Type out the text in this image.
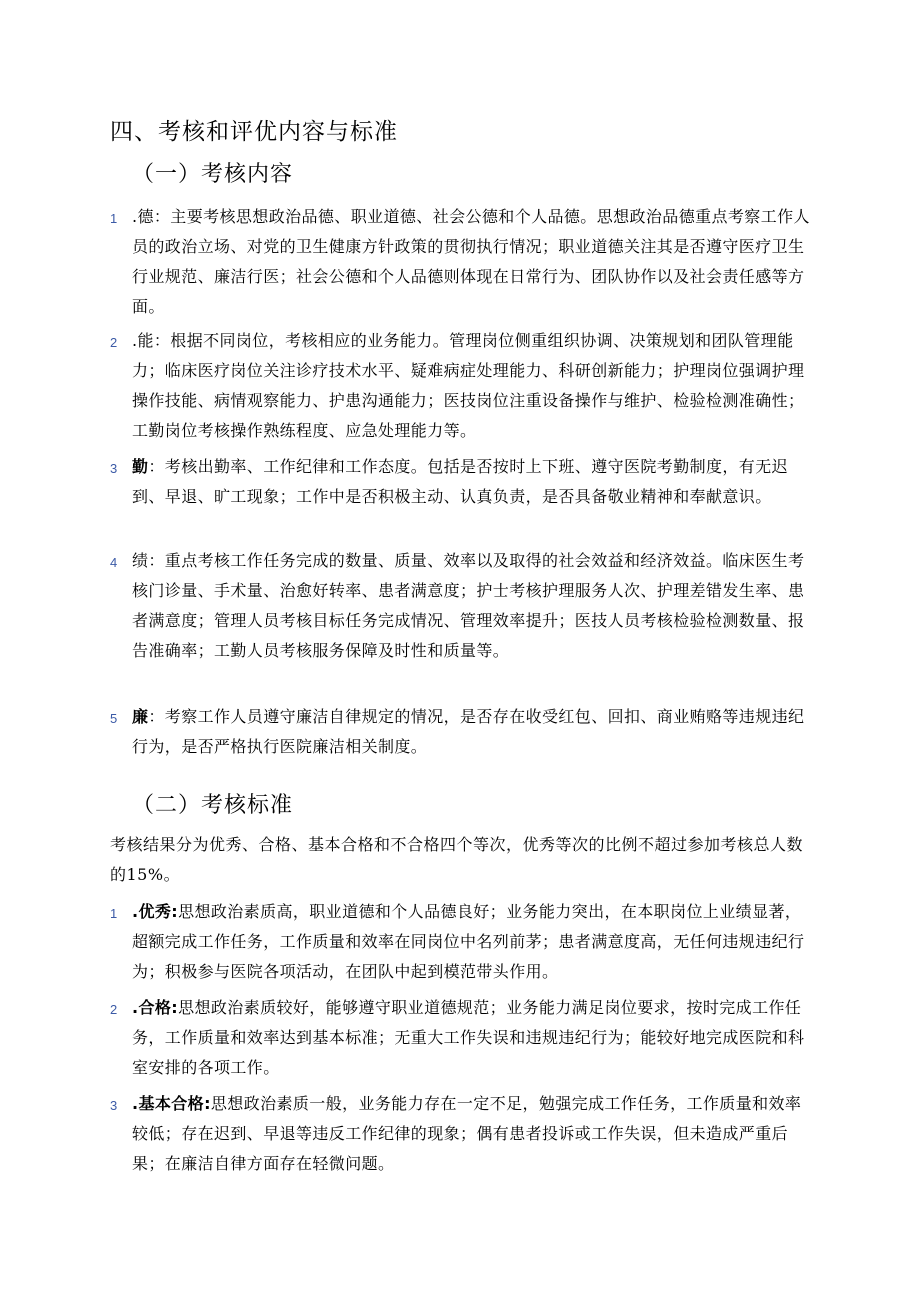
四、考核和评优内容与标准
（一）考核内容
1 .德：主要考核思想政治品德、职业道德、社会公德和个人品德。思想政治品德重点考察工作人员的政治立场、对党的卫生健康方针政策的贯彻执行情况；职业道德关注其是否遵守医疗卫生行业规范、廉洁行医；社会公德和个人品德则体现在日常行为、团队协作以及社会责任感等方面。
2 .能：根据不同岗位，考核相应的业务能力。管理岗位侧重组织协调、决策规划和团队管理能力；临床医疗岗位关注诊疗技术水平、疑难病症处理能力、科研创新能力；护理岗位强调护理操作技能、病情观察能力、护患沟通能力；医技岗位注重设备操作与维护、检验检测准确性；工勤岗位考核操作熟练程度、应急处理能力等。
3 勤：考核出勤率、工作纪律和工作态度。包括是否按时上下班、遵守医院考勤制度，有无迟到、早退、旷工现象；工作中是否积极主动、认真负责，是否具备敬业精神和奉献意识。
4 绩：重点考核工作任务完成的数量、质量、效率以及取得的社会效益和经济效益。临床医生考核门诊量、手术量、治愈好转率、患者满意度；护士考核护理服务人次、护理差错发生率、患者满意度；管理人员考核目标任务完成情况、管理效率提升；医技人员考核检验检测数量、报告准确率；工勤人员考核服务保障及时性和质量等。
5 廉：考察工作人员遵守廉洁自律规定的情况，是否存在收受红包、回扣、商业贿赂等违规违纪行为，是否严格执行医院廉洁相关制度。
（二）考核标准
考核结果分为优秀、合格、基本合格和不合格四个等次，优秀等次的比例不超过参加考核总人数的15%。
1 .优秀:思想政治素质高，职业道德和个人品德良好；业务能力突出，在本职岗位上业绩显著，超额完成工作任务，工作质量和效率在同岗位中名列前茅；患者满意度高，无任何违规违纪行为；积极参与医院各项活动，在团队中起到模范带头作用。
2 .合格:思想政治素质较好，能够遵守职业道德规范；业务能力满足岗位要求，按时完成工作任务，工作质量和效率达到基本标准；无重大工作失误和违规违纪行为；能较好地完成医院和科室安排的各项工作。
3 .基本合格:思想政治素质一般，业务能力存在一定不足，勉强完成工作任务，工作质量和效率较低；存在迟到、早退等违反工作纪律的现象；偶有患者投诉或工作失误，但未造成严重后果；在廉洁自律方面存在轻微问题。
